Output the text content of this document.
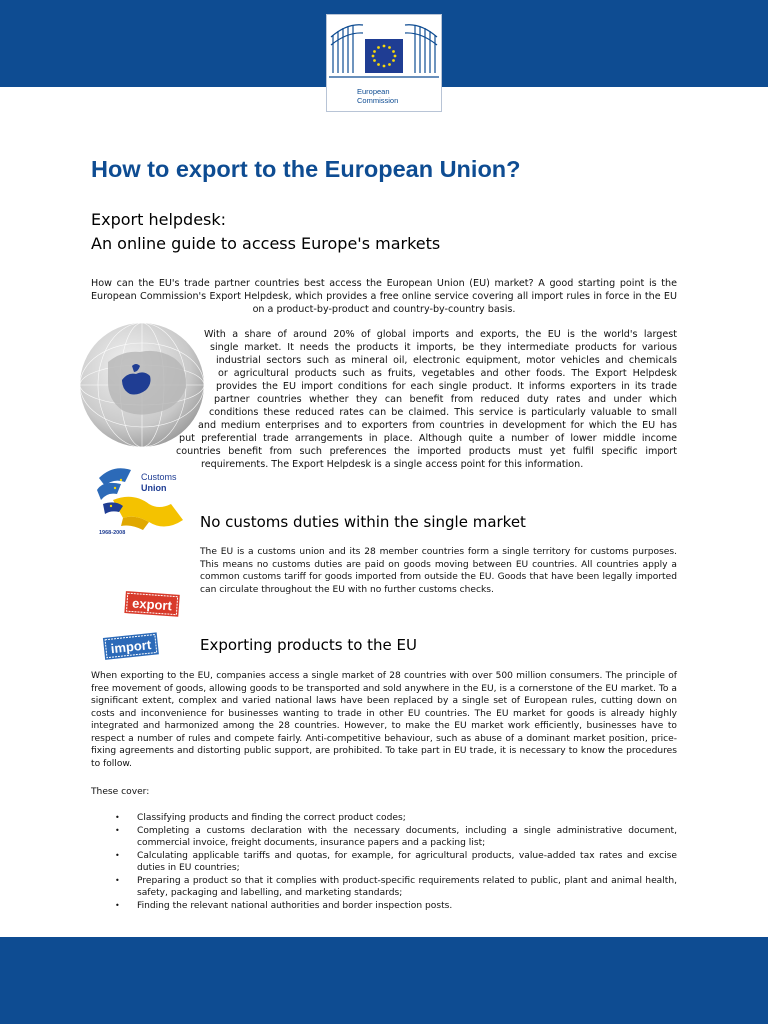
European
Commission
How to export to the European Union?
Export helpdesk:
An online guide to access Europe's markets
How can the EU's trade partner countries best access the European Union (EU) market? A good starting point is the European Commission's Export Helpdesk, which provides a free online service covering all import rules in force in the EU on a product-by-product and country-by-country basis.
With a share of around 20% of global imports and exports, the EU is the world's largest
single market. It needs the products it imports, be they intermediate products for various
industrial sectors such as mineral oil, electronic equipment, motor vehicles and chemicals
or agricultural products such as fruits, vegetables and other foods. The Export Helpdesk
provides the EU import conditions for each single product. It informs exporters in its trade
partner countries whether they can benefit from reduced duty rates and under which
conditions these reduced rates can be claimed. This service is particularly valuable to small
and medium enterprises and to exporters from countries in development for which the EU has
put preferential trade arrangements in place. Although quite a number of lower middle income
countries benefit from such preferences the imported products must yet fulfil specific import
requirements. The Export Helpdesk is a single access point for this information.
Customs
Union
1968-2008
No customs duties within the single market
The EU is a customs union and its 28 member countries form a single territory for customs purposes. This means no customs duties are paid on goods moving between EU countries. All countries apply a common customs tariff for goods imported from outside the EU. Goods that have been legally imported can circulate throughout the EU with no further customs checks.
export
import	Exporting products to the EU
When exporting to the EU, companies access a single market of 28 countries with over 500 million consumers. The principle of free movement of goods, allowing goods to be transported and sold anywhere in the EU, is a cornerstone of the EU market. To a significant extent, complex and varied national laws have been replaced by a single set of European rules, cutting down on costs and inconvenience for businesses wanting to trade in other EU countries. The EU market for goods is already highly integrated and harmonized among the 28 countries. However, to make the EU market work efficiently, businesses have to respect a number of rules and compete fairly. Anti-competitive behaviour, such as abuse of a dominant market position, price-fixing agreements and distorting public support, are prohibited. To take part in EU trade, it is necessary to know the procedures to follow.
These cover:
• Classifying products and finding the correct product codes;
• Completing a customs declaration with the necessary documents, including a single administrative document, commercial invoice, freight documents, insurance papers and a packing list;
• Calculating applicable tariffs and quotas, for example, for agricultural products, value-added tax rates and excise duties in EU countries;
• Preparing a product so that it complies with product-specific requirements related to public, plant and animal health, safety, packaging and labelling, and marketing standards;
• Finding the relevant national authorities and border inspection posts.
